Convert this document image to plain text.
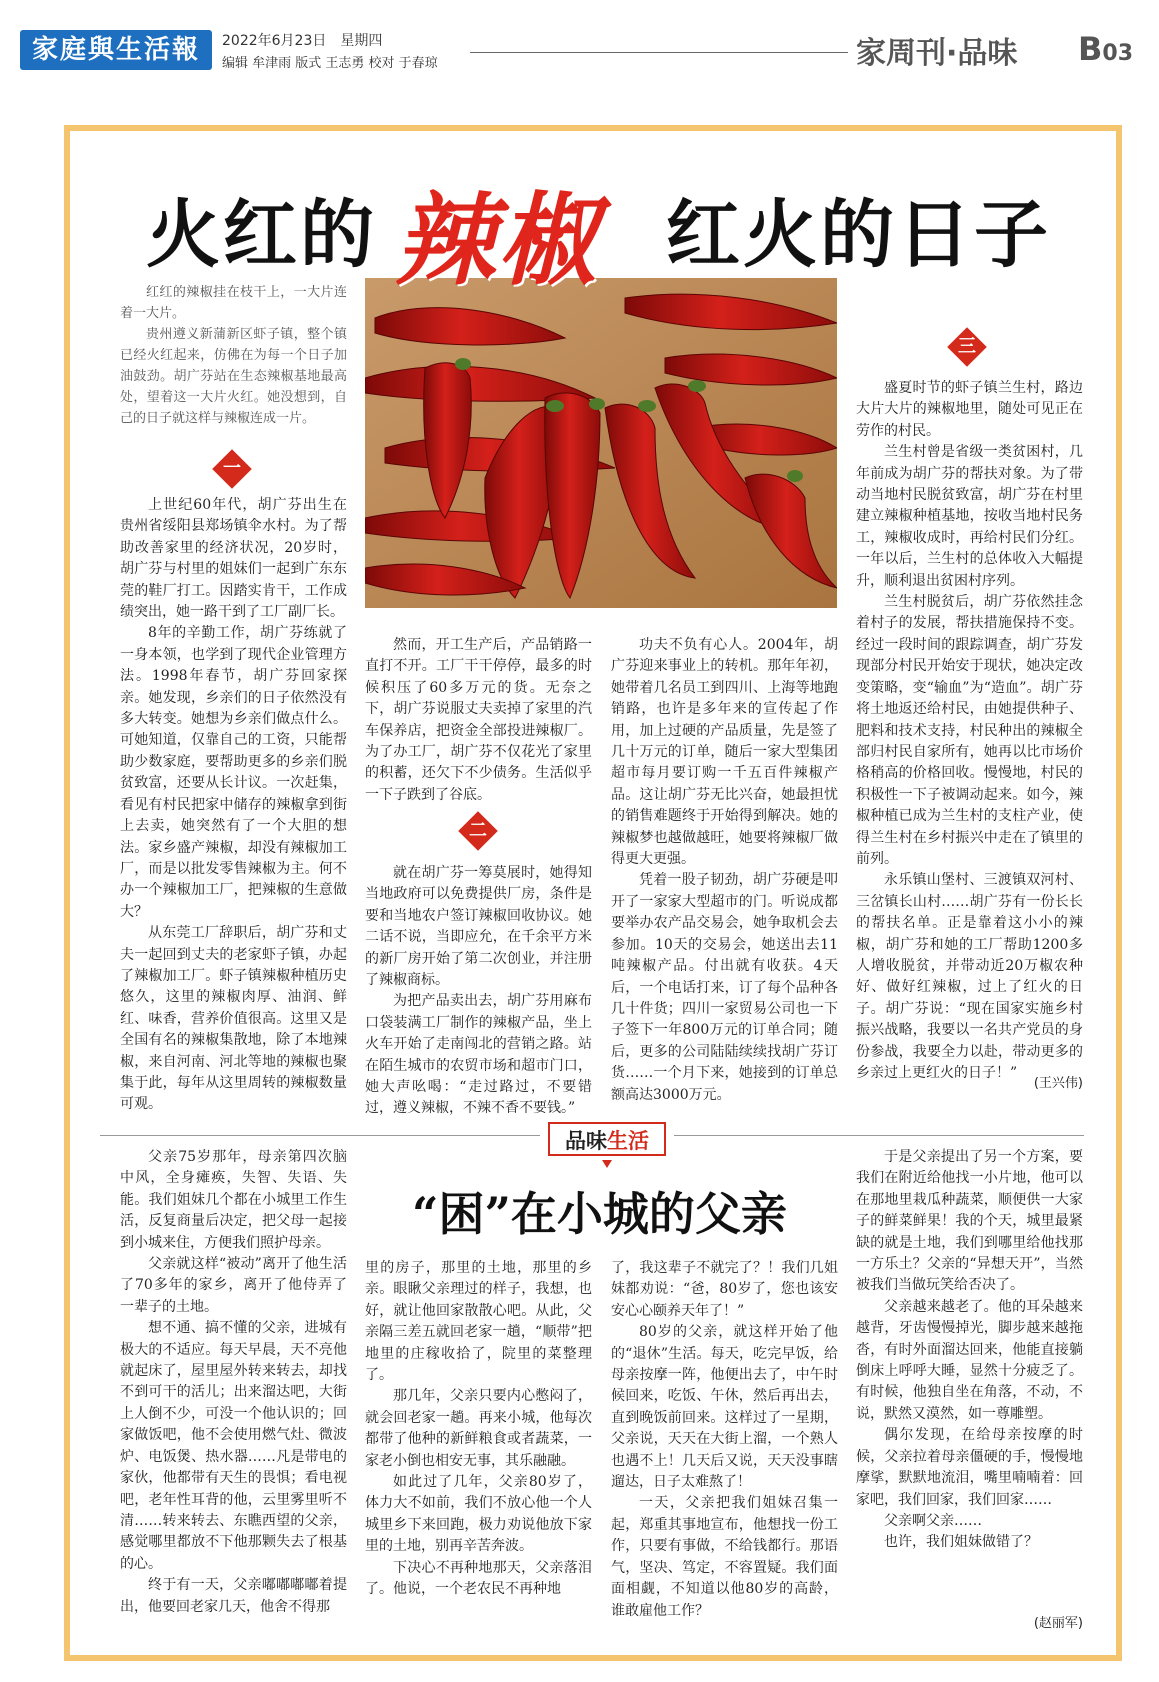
家庭與生活報	2022年6月23日　星期四
编辑 牟津雨 版式 王志勇 校对 于春琼	家周刊·品味 B03
火红的 辣椒 红火的日子

红红的辣椒挂在枝干上，一大片连着一大片。

贵州遵义新蒲新区虾子镇，整个镇已经火红起来，仿佛在为每一个日子加油鼓劲。胡广芬站在生态辣椒基地最高处，望着这一大片火红。她没想到，自己的日子就这样与辣椒连成一片。

一

上世纪60年代，胡广芬出生在贵州省绥阳县郑场镇伞水村。为了帮助改善家里的经济状况，20岁时，胡广芬与村里的姐妹们一起到广东东莞的鞋厂打工。因踏实肯干，工作成绩突出，她一路干到了工厂副厂长。

8年的辛勤工作，胡广芬练就了一身本领，也学到了现代企业管理方法。1998年春节，胡广芬回家探亲。她发现，乡亲们的日子依然没有多大转变。她想为乡亲们做点什么。可她知道，仅靠自己的工资，只能帮助少数家庭，要帮助更多的乡亲们脱贫致富，还要从长计议。一次赶集，看见有村民把家中储存的辣椒拿到街上去卖，她突然有了一个大胆的想法。家乡盛产辣椒，却没有辣椒加工厂，而是以批发零售辣椒为主。何不办一个辣椒加工厂，把辣椒的生意做大？

从东莞工厂辞职后，胡广芬和丈夫一起回到丈夫的老家虾子镇，办起了辣椒加工厂。虾子镇辣椒种植历史悠久，这里的辣椒肉厚、油润、鲜红、味香，营养价值很高。这里又是全国有名的辣椒集散地，除了本地辣椒，来自河南、河北等地的辣椒也聚集于此，每年从这里周转的辣椒数量可观。

然而，开工生产后，产品销路一直打不开。工厂干干停停，最多的时候积压了60多万元的货。无奈之下，胡广芬说服丈夫卖掉了家里的汽车保养店，把资金全部投进辣椒厂。为了办工厂，胡广芬不仅花光了家里的积蓄，还欠下不少债务。生活似乎一下子跌到了谷底。

二

就在胡广芬一筹莫展时，她得知当地政府可以免费提供厂房，条件是要和当地农户签订辣椒回收协议。她二话不说，当即应允，在千余平方米的新厂房开始了第二次创业，并注册了辣椒商标。

为把产品卖出去，胡广芬用麻布口袋装满工厂制作的辣椒产品，坐上火车开始了走南闯北的营销之路。站在陌生城市的农贸市场和超市门口，她大声吆喝：“走过路过，不要错过，遵义辣椒，不辣不香不要钱。”

功夫不负有心人。2004年，胡广芬迎来事业上的转机。那年年初，她带着几名员工到四川、上海等地跑销路，也许是多年来的宣传起了作用，加上过硬的产品质量，先是签了几十万元的订单，随后一家大型集团超市每月要订购一千五百件辣椒产品。这让胡广芬无比兴奋，她最担忧的销售难题终于开始得到解决。她的辣椒梦也越做越旺，她要将辣椒厂做得更大更强。

凭着一股子韧劲，胡广芬硬是叩开了一家家大型超市的门。听说成都要举办农产品交易会，她争取机会去参加。10天的交易会，她送出去11吨辣椒产品。付出就有收获。4天后，一个电话打来，订了每个品种各几十件货；四川一家贸易公司也一下子签下一年800万元的订单合同；随后，更多的公司陆陆续续找胡广芬订货……一个月下来，她接到的订单总额高达3000万元。

三

盛夏时节的虾子镇兰生村，路边大片大片的辣椒地里，随处可见正在劳作的村民。

兰生村曾是省级一类贫困村，几年前成为胡广芬的帮扶对象。为了带动当地村民脱贫致富，胡广芬在村里建立辣椒种植基地，按收当地村民务工，辣椒收成时，再给村民们分红。一年以后，兰生村的总体收入大幅提升，顺利退出贫困村序列。

兰生村脱贫后，胡广芬依然挂念着村子的发展，帮扶措施保持不变。经过一段时间的跟踪调查，胡广芬发现部分村民开始安于现状，她决定改变策略，变“输血”为“造血”。胡广芬将土地返还给村民，由她提供种子、肥料和技术支持，村民种出的辣椒全部归村民自家所有，她再以比市场价格稍高的价格回收。慢慢地，村民的积极性一下子被调动起来。如今，辣椒种植已成为兰生村的支柱产业，使得兰生村在乡村振兴中走在了镇里的前列。

永乐镇山堡村、三渡镇双河村、三岔镇长山村……胡广芬有一份长长的帮扶名单。正是靠着这小小的辣椒，胡广芬和她的工厂帮助1200多人增收脱贫，并带动近20万椒农种好、做好红辣椒，过上了红火的日子。胡广芬说：“现在国家实施乡村振兴战略，我要以一名共产党员的身份参战，我要全力以赴，带动更多的乡亲过上更红火的日子！”

(王兴伟)
品味生活
“困”在小城的父亲

父亲75岁那年，母亲第四次脑中风，全身瘫痪，失智、失语、失能。我们姐妹几个都在小城里工作生活，反复商量后决定，把父母一起接到小城来住，方便我们照护母亲。

父亲就这样“被动”离开了他生活了70多年的家乡，离开了他侍弄了一辈子的土地。

想不通、搞不懂的父亲，进城有极大的不适应。每天早晨，天不亮他就起床了，屋里屋外转来转去，却找不到可干的活儿；出来溜达吧，大街上人倒不少，可没一个他认识的；回家做饭吧，他不会使用燃气灶、微波炉、电饭煲、热水器……凡是带电的家伙，他都带有天生的畏惧；看电视吧，老年性耳背的他，云里雾里听不清……转来转去、东瞧西望的父亲，感觉哪里都放不下他那颗失去了根基的心。

终于有一天，父亲嘟嘟嘟嘟着提出，他要回老家几天，他舍不得那

里的房子，那里的土地，那里的乡亲。眼瞅父亲理过的样子，我想，也好，就让他回家散散心吧。从此，父亲隔三差五就回老家一趟，“顺带”把地里的庄稼收拾了，院里的菜整理了。

那几年，父亲只要内心憋闷了，就会回老家一趟。再来小城，他每次都带了他种的新鲜粮食或者蔬菜，一家老小倒也相安无事，其乐融融。

如此过了几年，父亲80岁了，体力大不如前，我们不放心他一个人城里乡下来回跑，极力劝说他放下家里的土地，别再辛苦奔波。

下决心不再种地那天，父亲落泪了。他说，一个老农民不再种地

了，我这辈子不就完了？！我们几姐妹都劝说：“爸，80岁了，您也该安安心心颐养天年了！”

80岁的父亲，就这样开始了他的“退休”生活。每天，吃完早饭，给母亲按摩一阵，他便出去了，中午时候回来，吃饭、午休，然后再出去，直到晚饭前回来。这样过了一星期，父亲说，天天在大街上溜，一个熟人也遇不上！几天后又说，天天没事瞎遛达，日子太难熬了！

一天，父亲把我们姐妹召集一起，郑重其事地宣布，他想找一份工作，只要有事做，不给钱都行。那语气，坚决、笃定，不容置疑。我们面面相觑，不知道以他80岁的高龄，谁敢雇他工作？

于是父亲提出了另一个方案，要我们在附近给他找一小片地，他可以在那地里栽瓜种蔬菜，顺便供一大家子的鲜菜鲜果！我的个天，城里最紧缺的就是土地，我们到哪里给他找那一方乐土？父亲的“异想天开”，当然被我们当做玩笑给否决了。

父亲越来越老了。他的耳朵越来越背，牙齿慢慢掉光，脚步越来越拖沓，有时外面溜达回来，他能直接躺倒床上呼呼大睡，显然十分疲乏了。有时候，他独自坐在角落，不动，不说，默然又漠然，如一尊雕塑。

偶尔发现，在给母亲按摩的时候，父亲拉着母亲僵硬的手，慢慢地摩挲，默默地流泪，嘴里喃喃着：回家吧，我们回家，我们回家……

父亲啊父亲……

也许，我们姐妹做错了？

(赵丽军)
